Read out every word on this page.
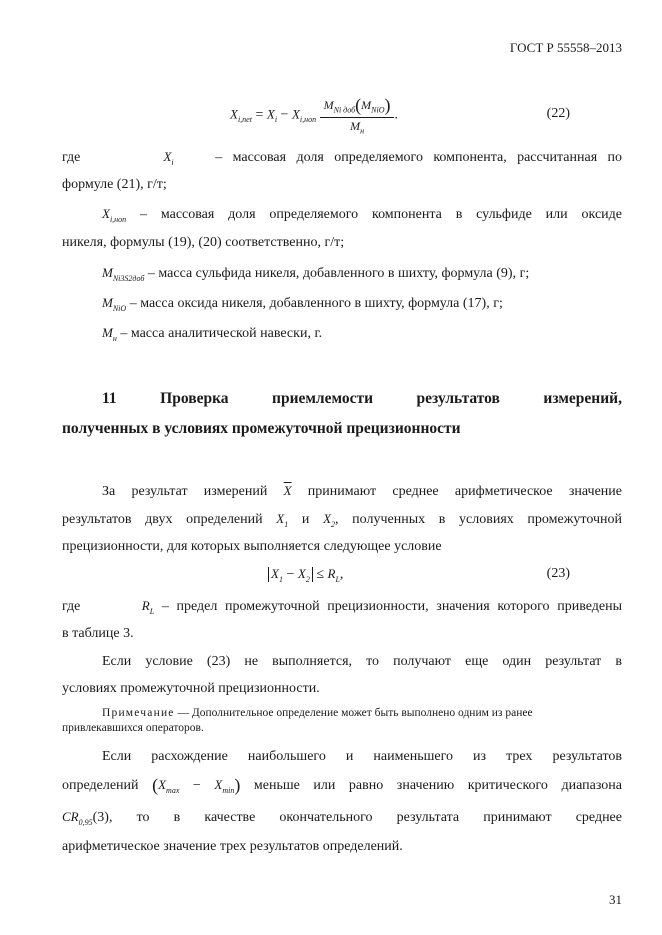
ГОСТ Р 55558–2013
$X_{i,net} = X_i - X_{i,ноп} \frac{M_{Ni доб}(M_{NiO})}{M_н}$ .	(22)
где	$X_i$	– массовая доля определяемого компонента, рассчитанная по
формуле (21), г/т;
$X_{i,ноп}$ – массовая доля определяемого компонента в сульфиде или оксиде
никеля, формулы (19), (20) соответственно, г/т;
$M_{Ni3S2доб}$ – масса сульфида никеля, добавленного в шихту, формула (9), г;
$M_{NiO}$ – масса оксида никеля, добавленного в шихту, формула (17), г;
$M_н$ – масса аналитической навески, г.
11	Проверка	приемлемости	результатов	измерений,
полученных в условиях промежуточной прецизионности
За результат измерений $\overline{X}$ принимают среднее арифметическое значение
результатов двух определений $X_1$ и $X_2$, полученных в условиях промежуточной
прецизионности, для которых выполняется следующее условие
$X_1 - X_2 \le R_L$,	(23)
где	$R_L$ – предел промежуточной прецизионности, значения которого приведены
в таблице 3.
Если условие (23) не выполняется, то получают еще один результат в
условиях промежуточной прецизионности.
Примечание — Дополнительное определение может быть выполнено одним из ранее
привлекавшихся операторов.
Если расхождение наибольшего и наименьшего из трех результатов
определений $(X_{max} - X_{min})$ меньше или равно значению критического диапазона
$CR_{0,95}(3)$, то в качестве окончательного результата принимают среднее
арифметическое значение трех результатов определений.
31
